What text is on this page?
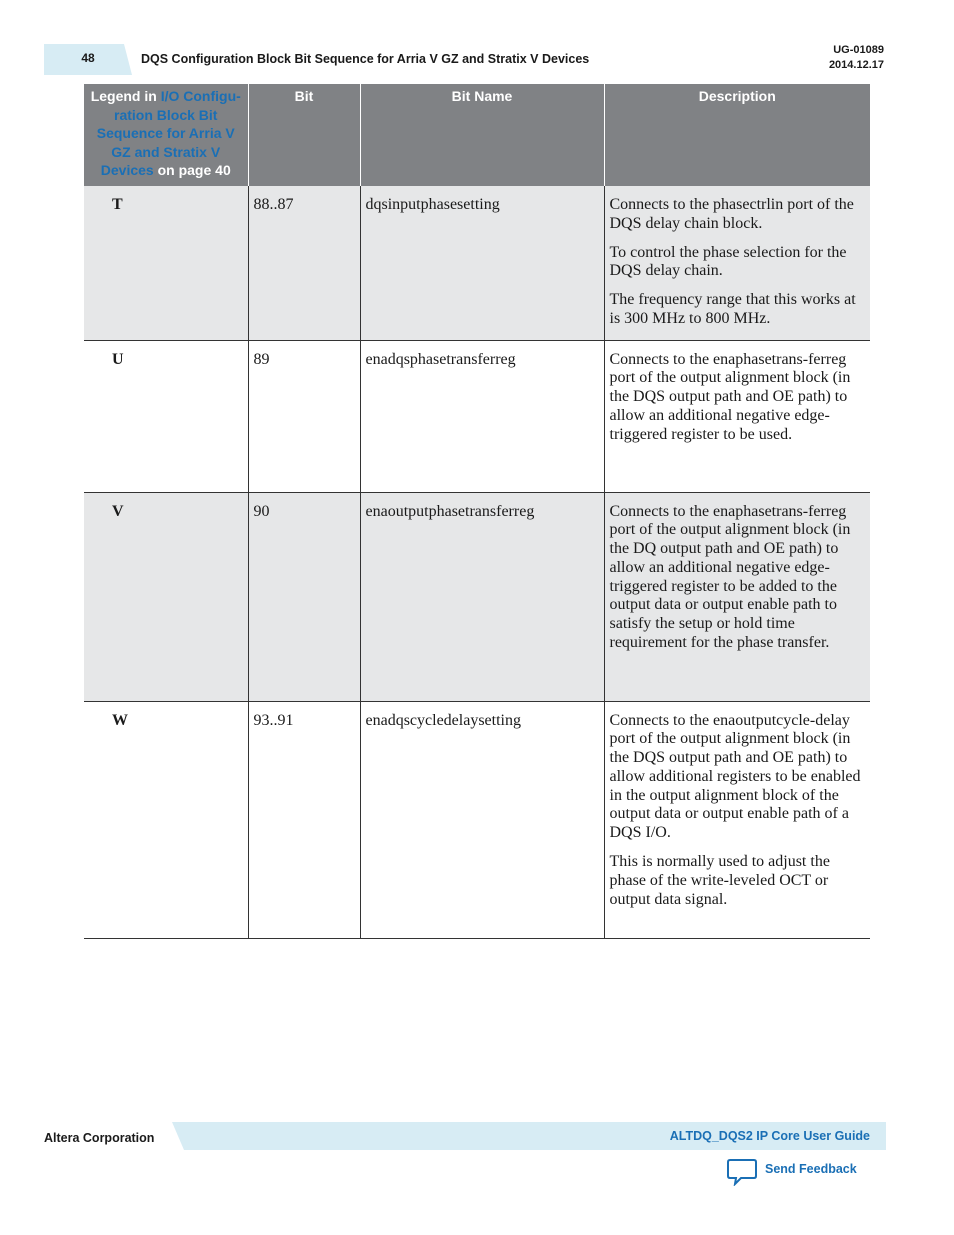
48	DQS Configuration Block Bit Sequence for Arria V GZ and Stratix V Devices
UG-01089
2014.12.17
Legend in I/O Configu-ration Block Bit Sequence for Arria V GZ and Stratix V Devices on page 40	Bit	Bit Name	Description
T	88..87	dqsinputphasesetting	Connects to the phasectrlin port of the DQS delay chain block.

To control the phase selection for the DQS delay chain.

The frequency range that this works at is 300 MHz to 800 MHz.

U	89	enadqsphasetransferreg	Connects to the enaphasetrans-ferreg port of the output alignment block (in the DQS output path and OE path) to allow an additional negative edge-triggered register to be used.

V	90	enaoutputphasetransferreg	Connects to the enaphasetrans-ferreg port of the output alignment block (in the DQ output path and OE path) to allow an additional negative edge-triggered register to be added to the output data or output enable path to satisfy the setup or hold time requirement for the phase transfer.

W	93..91	enadqscycledelaysetting	Connects to the enaoutputcycle-delay port of the output alignment block (in the DQS output path and OE path) to allow additional registers to be enabled in the output alignment block of the output data or output enable path of a DQS I/O.

This is normally used to adjust the phase of the write-leveled OCT or output data signal.

Altera Corporation	ALTDQ_DQS2 IP Core User Guide
Send Feedback
